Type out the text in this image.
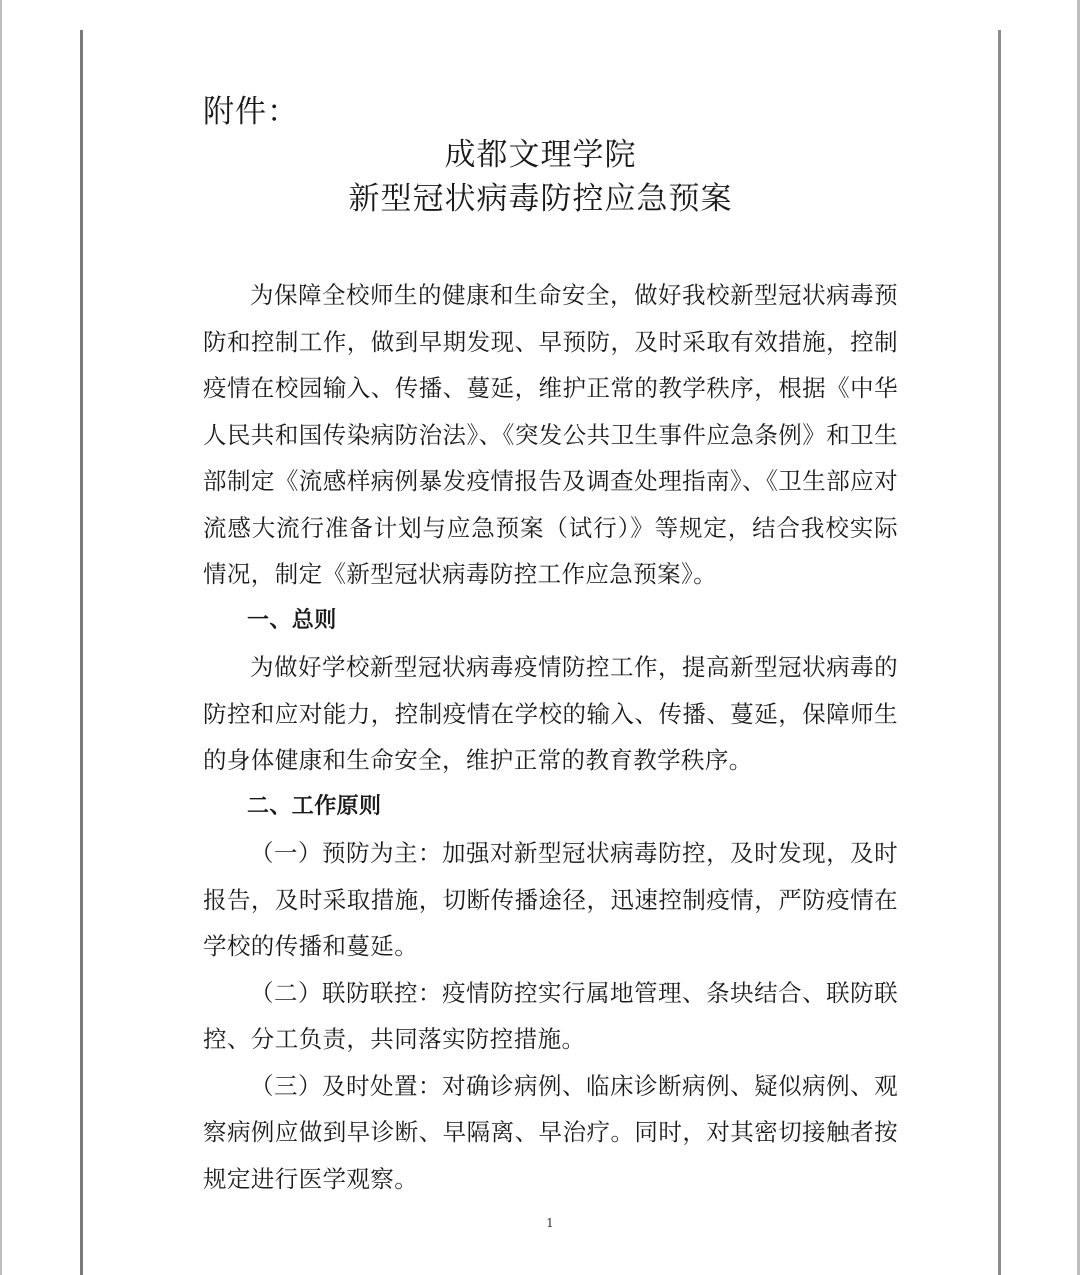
附件：
成都文理学院
新型冠状病毒防控应急预案

为保障全校师生的健康和生命安全，做好我校新型冠状病毒预防和控制工作，做到早期发现、早预防，及时采取有效措施，控制疫情在校园输入、传播、蔓延，维护正常的教学秩序，根据《中华人民共和国传染病防治法》、《突发公共卫生事件应急条例》和卫生部制定《流感样病例暴发疫情报告及调查处理指南》、《卫生部应对流感大流行准备计划与应急预案（试行）》等规定，结合我校实际情况，制定《新型冠状病毒防控工作应急预案》。

一、总则

为做好学校新型冠状病毒疫情防控工作，提高新型冠状病毒的防控和应对能力，控制疫情在学校的输入、传播、蔓延，保障师生的身体健康和生命安全，维护正常的教育教学秩序。

二、工作原则

（一）预防为主：加强对新型冠状病毒防控，及时发现，及时报告，及时采取措施，切断传播途径，迅速控制疫情，严防疫情在学校的传播和蔓延。

（二）联防联控：疫情防控实行属地管理、条块结合、联防联控、分工负责，共同落实防控措施。

（三）及时处置：对确诊病例、临床诊断病例、疑似病例、观察病例应做到早诊断、早隔离、早治疗。同时，对其密切接触者按规定进行医学观察。

1
